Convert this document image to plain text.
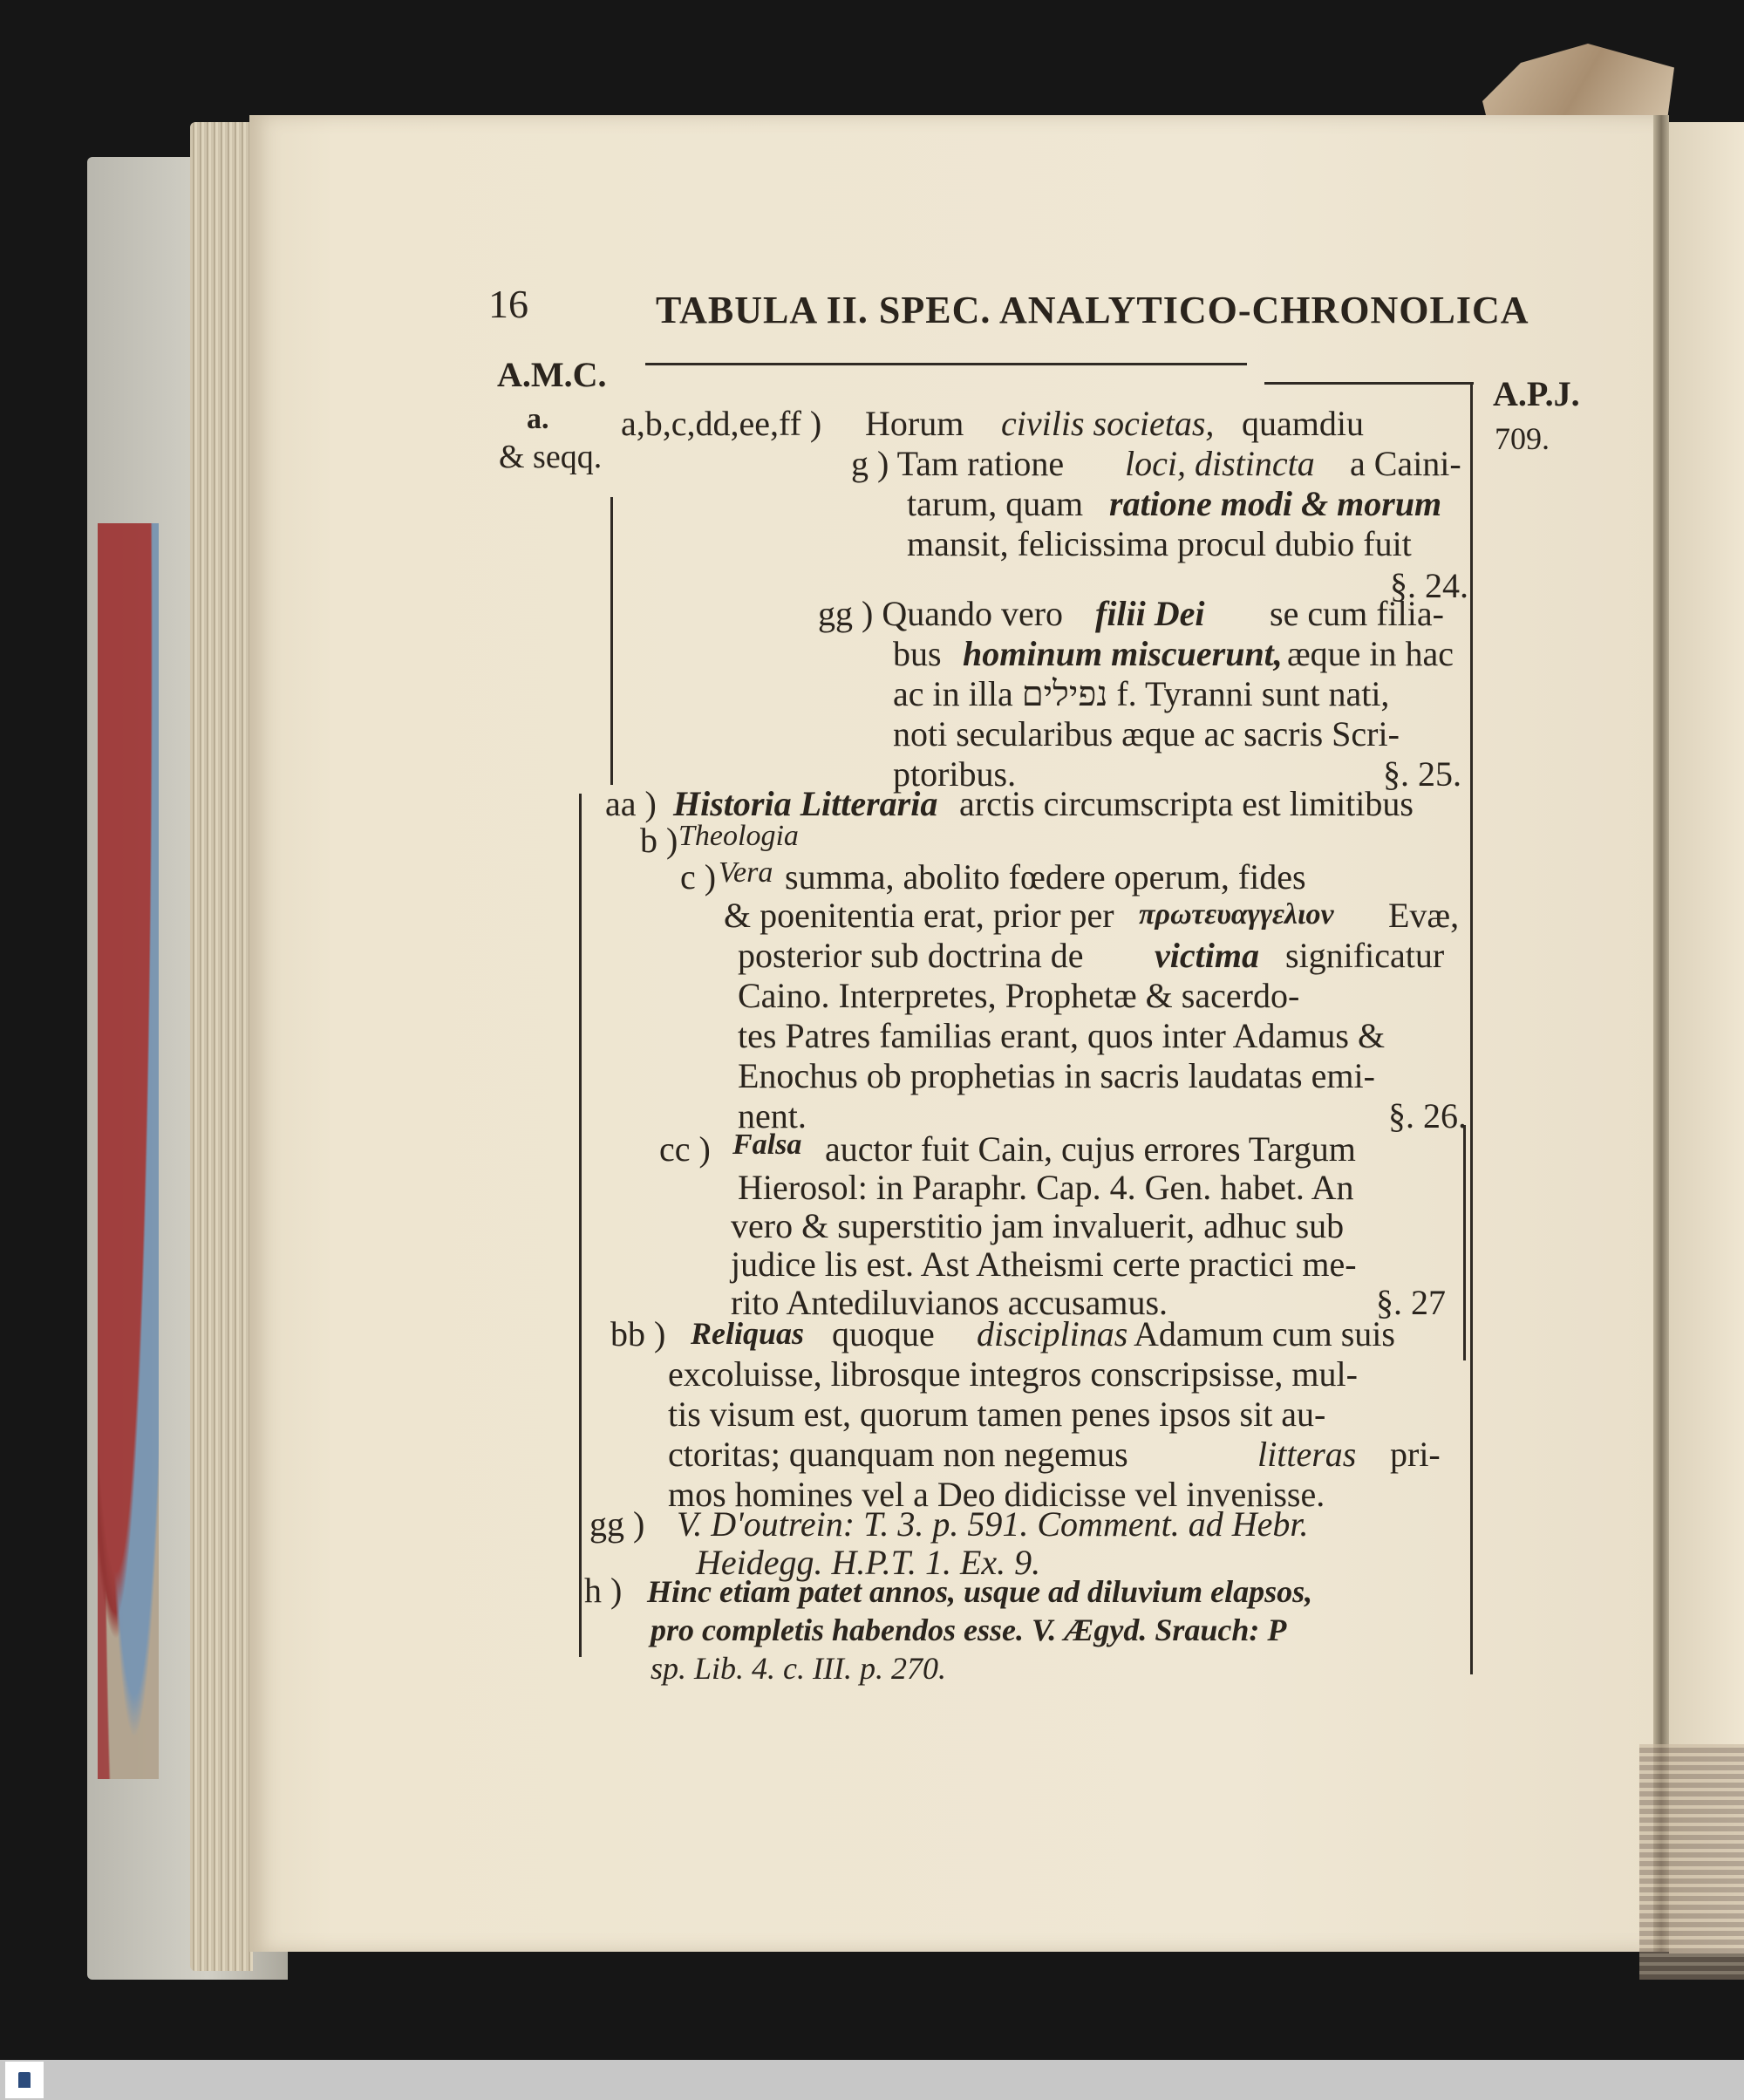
16	TABULA II. SPEC. ANALYTICO-CHRONOLICA
A.M.C.	A.P.J.
709.
a.
& seqq.
a,b,c,dd,ee,ff ) Horum civilis societas, quamdiu
g ) Tam ratione loci, distincta a Caini-
tarum, quam ratione modi & morum
mansit, felicissima procul dubio fuit
§. 24.
gg ) Quando vero filii Dei se cum filia-
bus hominum miscuerunt, æque in hac
ac in illa נפילים f. Tyranni sunt nati,
noti secularibus æque ac sacris Scri-
ptoribus.	§. 25.
aa ) Historia Litteraria arctis circumscripta est limitibus
b ) Theologia
c ) Vera summa, abolito fœdere operum, fides
& poenitentia erat, prior per πρωτευαγγελιον Evæ,
posterior sub doctrina de victima significatur
Caino. Interpretes, Prophetæ & sacerdo-
tes Patres familias erant, quos inter Adamus &
Enochus ob prophetias in sacris laudatas emi-
nent.	§. 26.
cc ) Falsa auctor fuit Cain, cujus errores Targum
Hierosol: in Paraphr. Cap. 4. Gen. habet. An
vero & superstitio jam invaluerit, adhuc sub
judice lis est. Ast Atheismi certe practici me-
rito Antediluvianos accusamus.	§. 27
bb ) Reliquas quoque disciplinas Adamum cum suis
excoluisse, librosque integros conscripsisse, mul-
tis visum est, quorum tamen penes ipsos sit au-
ctoritas; quanquam non negemus	litteras pri-
mos homines vel a Deo didicisse vel invenisse.
gg ) V. D'outrein: T. 3. p. 591. Comment. ad Hebr.
Heidegg. H.P.T. 1. Ex. 9.
h ) Hinc etiam patet annos, usque ad diluvium elapsos,
pro completis habendos esse. V. Ægyd. Srauch: P
sp. Lib. 4. c. III. p. 270.
